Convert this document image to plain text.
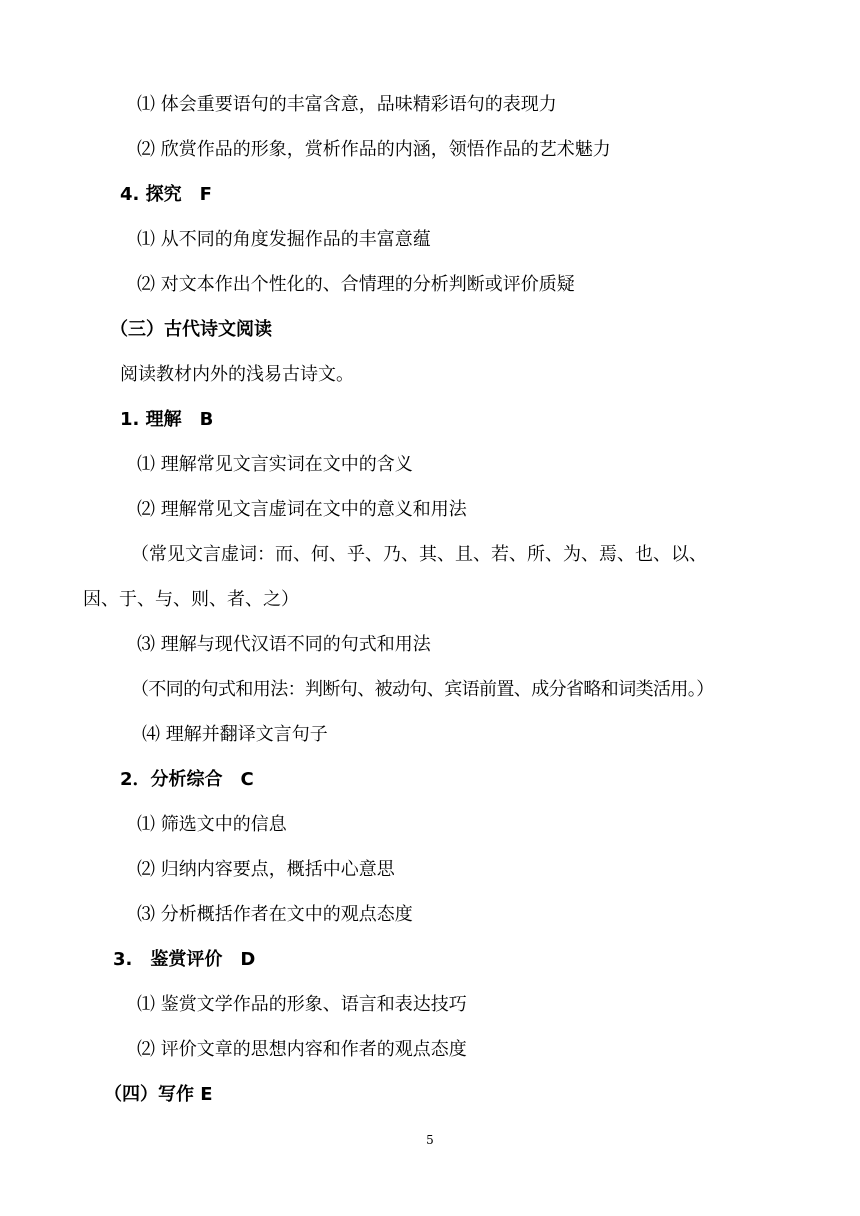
⑴ 体会重要语句的丰富含意，品味精彩语句的表现力
⑵ 欣赏作品的形象，赏析作品的内涵，领悟作品的艺术魅力
4. 探究　F
⑴ 从不同的角度发掘作品的丰富意蕴
⑵ 对文本作出个性化的、合情理的分析判断或评价质疑
（三）古代诗文阅读
阅读教材内外的浅易古诗文。
1. 理解　B
⑴ 理解常见文言实词在文中的含义
⑵ 理解常见文言虚词在文中的意义和用法
（常见文言虚词：而、何、乎、乃、其、且、若、所、为、焉、也、以、
因、于、与、则、者、之）
⑶ 理解与现代汉语不同的句式和用法
（不同的句式和用法：判断句、被动句、宾语前置、成分省略和词类活用。）
⑷ 理解并翻译文言句子
2．分析综合　C
⑴ 筛选文中的信息
⑵ 归纳内容要点，概括中心意思
⑶ 分析概括作者在文中的观点态度
3.　鉴赏评价　D
⑴ 鉴赏文学作品的形象、语言和表达技巧
⑵ 评价文章的思想内容和作者的观点态度
（四）写作 E
5
